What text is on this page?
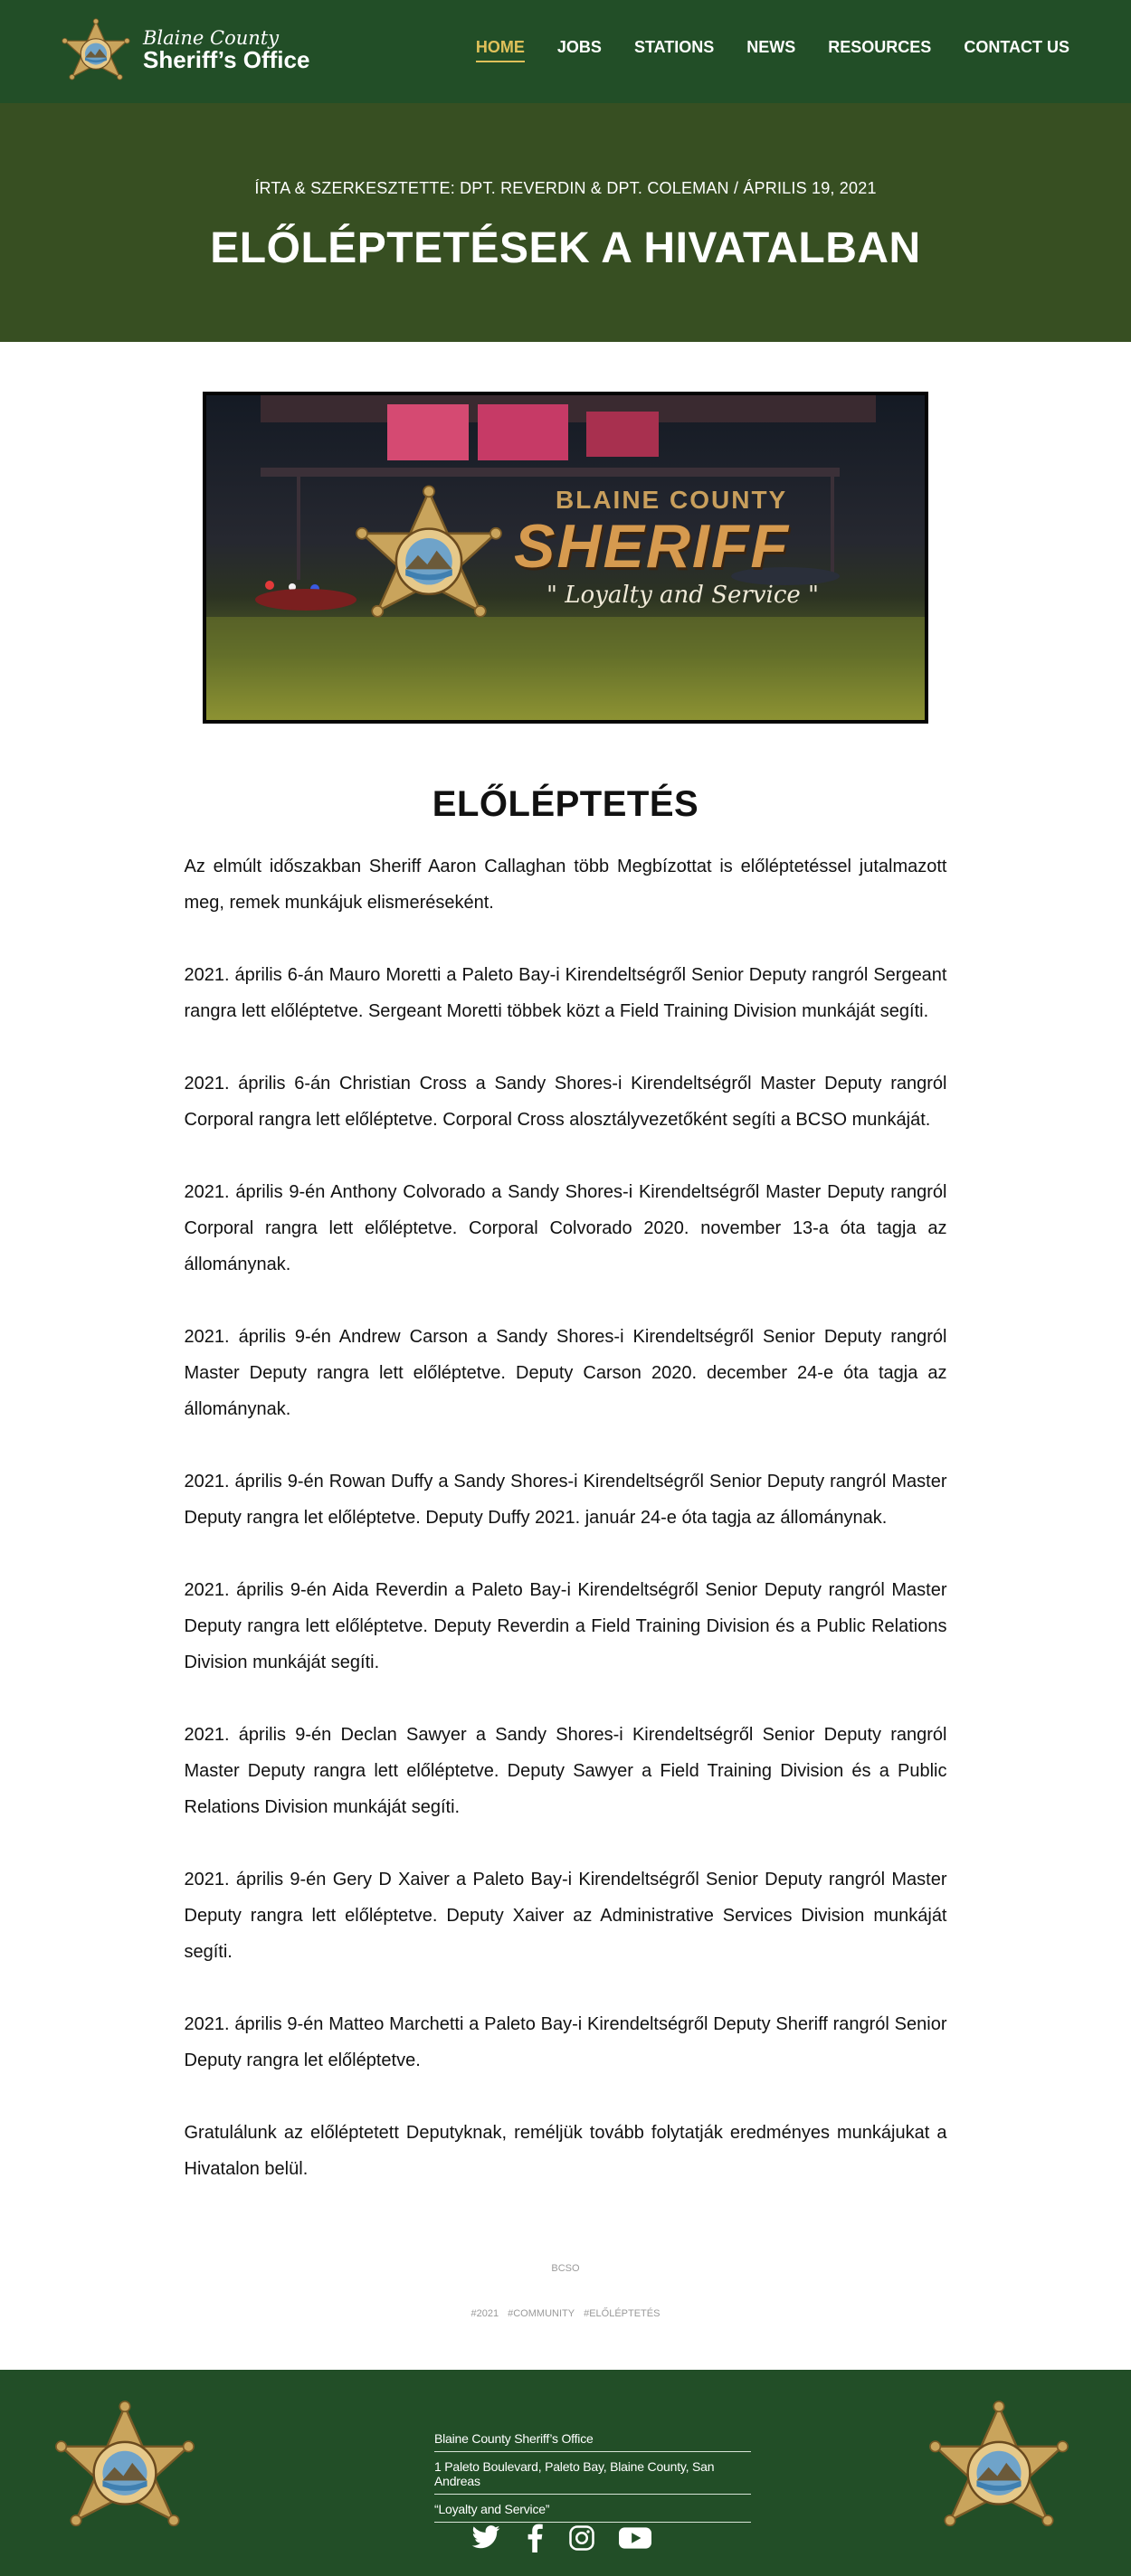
Blaine County
Sheriff’s Office	HOME JOBS STATIONS NEWS RESOURCES CONTACT US
ÍRTA & SZERKESZTETTE: DPT. REVERDIN & DPT. COLEMAN / ÁPRILIS 19, 2021
ELŐLÉPTETÉSEK A HIVATALBAN
BLAINE COUNTY
SHERIFF
" Loyalty and Service "
ELŐLÉPTETÉS

Az elmúlt időszakban Sheriff Aaron Callaghan több Megbízottat is előléptetéssel jutalmazott meg, remek munkájuk elismeréseként.

2021. április 6-án Mauro Moretti a Paleto Bay-i Kirendeltségről Senior Deputy rangról Sergeant rangra lett előléptetve. Sergeant Moretti többek közt a Field Training Division munkáját segíti.

2021. április 6-án Christian Cross a Sandy Shores-i Kirendeltségről Master Deputy rangról Corporal rangra lett előléptetve. Corporal Cross alosztályvezetőként segíti a BCSO munkáját.

2021. április 9-én Anthony Colvorado a Sandy Shores-i Kirendeltségről Master Deputy rangról Corporal rangra lett előléptetve. Corporal Colvorado 2020. november 13-a óta tagja az állománynak.

2021. április 9-én Andrew Carson a Sandy Shores-i Kirendeltségről Senior Deputy rangról Master Deputy rangra lett előléptetve. Deputy Carson 2020. december 24-e óta tagja az állománynak.

2021. április 9-én Rowan Duffy a Sandy Shores-i Kirendeltségről Senior Deputy rangról Master Deputy rangra let előléptetve. Deputy Duffy 2021. január 24-e óta tagja az állománynak.

2021. április 9-én Aida Reverdin a Paleto Bay-i Kirendeltségről Senior Deputy rangról Master Deputy rangra lett előléptetve. Deputy Reverdin a Field Training Division és a Public Relations Division munkáját segíti.

2021. április 9-én Declan Sawyer a Sandy Shores-i Kirendeltségről Senior Deputy rangról Master Deputy rangra lett előléptetve. Deputy Sawyer a Field Training Division és a Public Relations Division munkáját segíti.

2021. április 9-én Gery D Xaiver a Paleto Bay-i Kirendeltségről Senior Deputy rangról Master Deputy rangra lett előléptetve. Deputy Xaiver az Administrative Services Division munkáját segíti.

2021. április 9-én Matteo Marchetti a Paleto Bay-i Kirendeltségről Deputy Sheriff rangról Senior Deputy rangra let előléptetve.

Gratulálunk az előléptetett Deputyknak, reméljük tovább folytatják eredményes munkájukat a Hivatalon belül.

BCSO
#2021 #COMMUNITY #ELŐLÉPTETÉS
Blaine County Sheriff’s Office
1 Paleto Boulevard, Paleto Bay, Blaine County, San Andreas
“Loyalty and Service”
